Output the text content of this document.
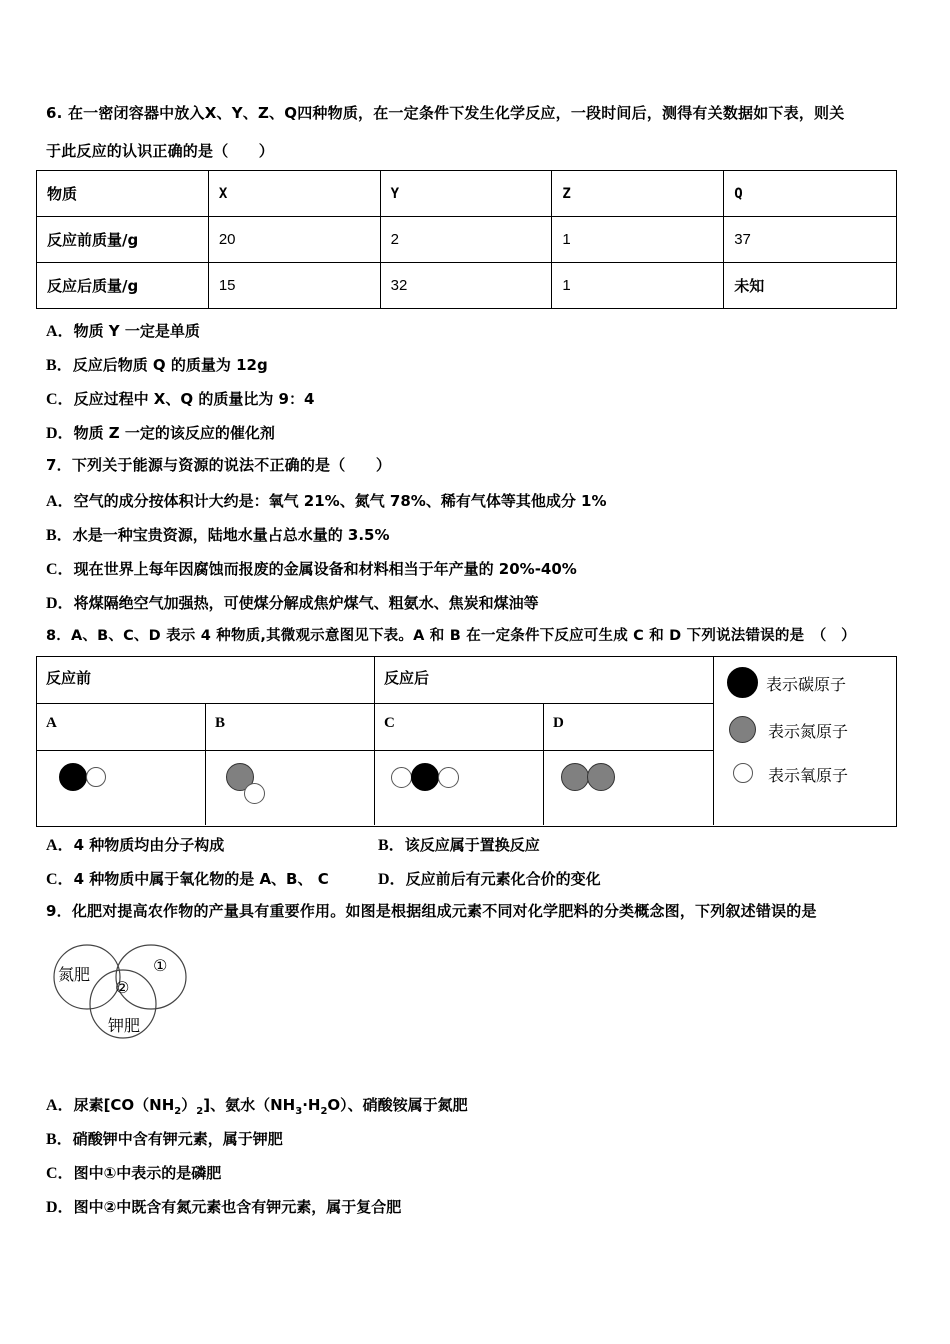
6. 在一密闭容器中放入X、Y、Z、Q四种物质，在一定条件下发生化学反应，一段时间后，测得有关数据如下表，则关
于此反应的认识正确的是（　　）
物质	X	Y	Z	Q
反应前质量/g	20	2	1	37
反应后质量/g	15	32	1	未知
A．物质 Y 一定是单质
B．反应后物质 Q 的质量为 12g
C．反应过程中 X、Q 的质量比为 9：4
D．物质 Z 一定的该反应的催化剂
7．下列关于能源与资源的说法不正确的是（　　）
A．空气的成分按体积计大约是：氧气 21%、氮气 78%、稀有气体等其他成分 1%
B．水是一种宝贵资源，陆地水量占总水量的 3.5%
C．现在世界上每年因腐蚀而报废的金属设备和材料相当于年产量的 20%-40%
D．将煤隔绝空气加强热，可使煤分解成焦炉煤气、粗氨水、焦炭和煤油等
8．A、B、C、D 表示 4 种物质,其微观示意图见下表。A 和 B 在一定条件下反应可生成 C 和 D 下列说法错误的是　（　）
反应前	反应后
A	B	C	D
表示碳原子
表示氮原子
表示氧原子
A．4 种物质均由分子构成	B．该反应属于置换反应
C．4 种物质中属于氧化物的是 A、B、 C	D．反应前后有元素化合价的变化
9．化肥对提高农作物的产量具有重要作用。如图是根据组成元素不同对化学肥料的分类概念图，下列叙述错误的是
氮肥	①
②
钾肥
A．尿素$[CO(NH_2)_2]$、氨水$(NH_3\cdot H_2O)$、硝酸铵属于氮肥
B．硝酸钾中含有钾元素，属于钾肥
C．图中①中表示的是磷肥
D．图中②中既含有氮元素也含有钾元素，属于复合肥
